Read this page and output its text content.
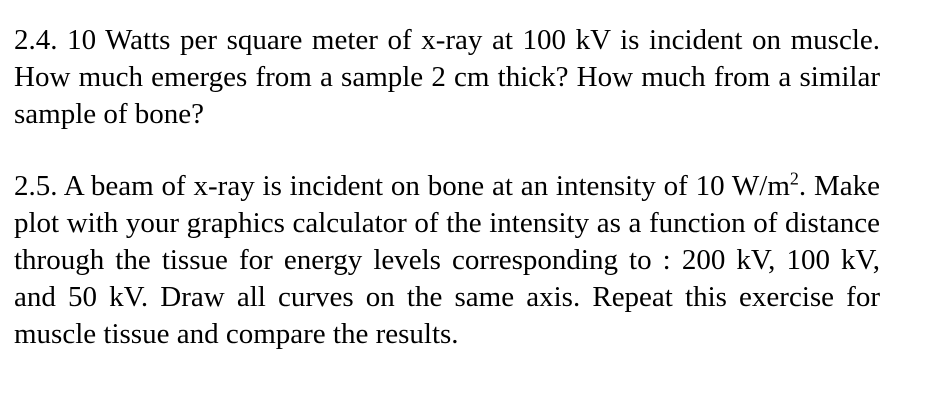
2.4. 10 Watts per square meter of x-ray at 100 kV is incident on muscle. How much emerges from a sample 2 cm thick? How much from a similar sample of bone?

2.5. A beam of x-ray is incident on bone at an intensity of 10 $W/m^2$. Make plot with your graphics calculator of the intensity as a function of distance through the tissue for energy levels corresponding to : 200 kV, 100 kV, and 50 kV. Draw all curves on the same axis. Repeat this exercise for muscle tissue and compare the results.
